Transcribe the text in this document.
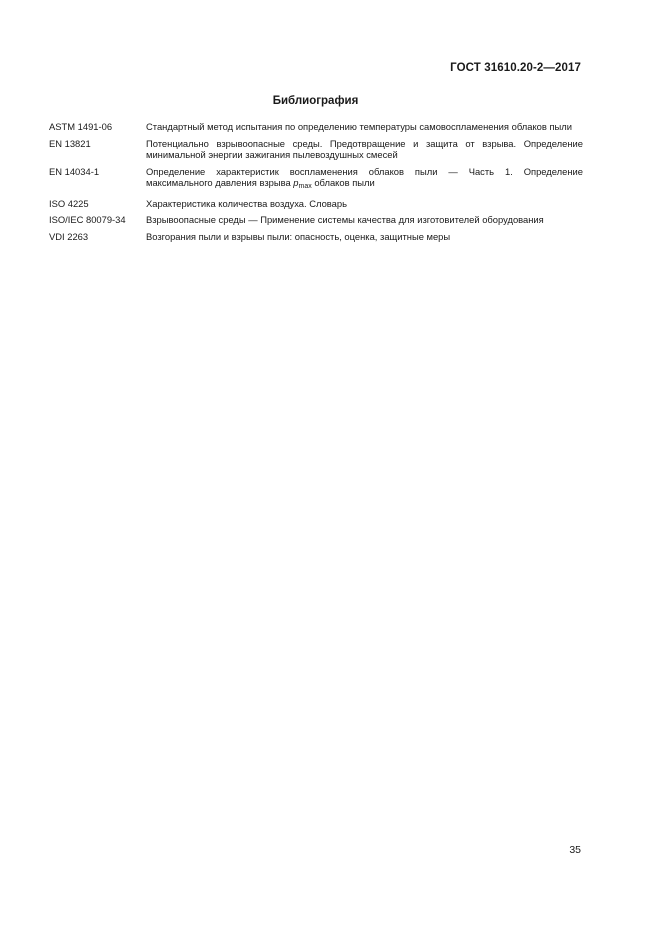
ГОСТ 31610.20-2—2017
Библиография
ASTM 1491-06	Стандартный метод испытания по определению температуры самовоспламенения облаков пыли
EN 13821	Потенциально взрывоопасные среды. Предотвращение и защита от взрыва. Определение минимальной энергии зажигания пылевоздушных смесей
EN 14034-1	Определение характеристик воспламенения облаков пыли — Часть 1. Определение максимального давления взрыва $p_{max}$ облаков пыли
ISO 4225	Характеристика количества воздуха. Словарь
ISO/IEC 80079-34	Взрывоопасные среды — Применение системы качества для изготовителей оборудования
VDI 2263	Возгорания пыли и взрывы пыли: опасность, оценка, защитные меры
35
